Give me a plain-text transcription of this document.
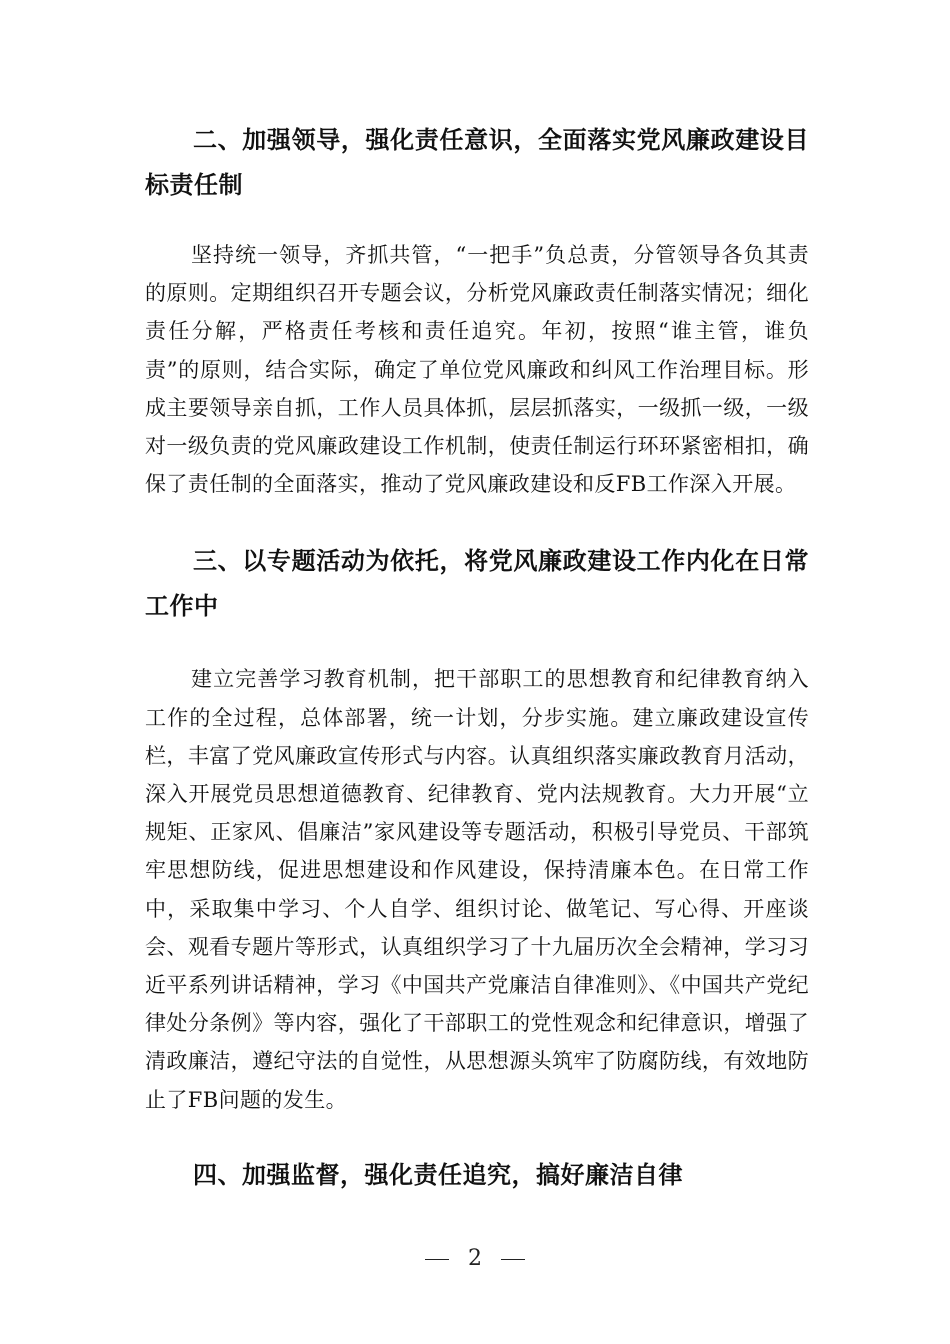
二、加强领导，强化责任意识，全面落实党风廉政建设目标责任制

坚持统一领导，齐抓共管，“一把手”负总责，分管领导各负其责的原则。定期组织召开专题会议，分析党风廉政责任制落实情况；细化责任分解，严格责任考核和责任追究。年初，按照“谁主管，谁负责”的原则，结合实际，确定了单位党风廉政和纠风工作治理目标。形成主要领导亲自抓，工作人员具体抓，层层抓落实，一级抓一级，一级对一级负责的党风廉政建设工作机制，使责任制运行环环紧密相扣，确保了责任制的全面落实，推动了党风廉政建设和反FB工作深入开展。

三、以专题活动为依托，将党风廉政建设工作内化在日常工作中

建立完善学习教育机制，把干部职工的思想教育和纪律教育纳入工作的全过程，总体部署，统一计划，分步实施。建立廉政建设宣传栏，丰富了党风廉政宣传形式与内容。认真组织落实廉政教育月活动，深入开展党员思想道德教育、纪律教育、党内法规教育。大力开展“立规矩、正家风、倡廉洁”家风建设等专题活动，积极引导党员、干部筑牢思想防线，促进思想建设和作风建设，保持清廉本色。在日常工作中，采取集中学习、个人自学、组织讨论、做笔记、写心得、开座谈会、观看专题片等形式，认真组织学习了十九届历次全会精神，学习习近平系列讲话精神，学习《中国共产党廉洁自律准则》、《中国共产党纪律处分条例》等内容，强化了干部职工的党性观念和纪律意识，增强了清政廉洁，遵纪守法的自觉性，从思想源头筑牢了防腐防线，有效地防止了FB问题的发生。

四、加强监督，强化责任追究，搞好廉洁自律
2
